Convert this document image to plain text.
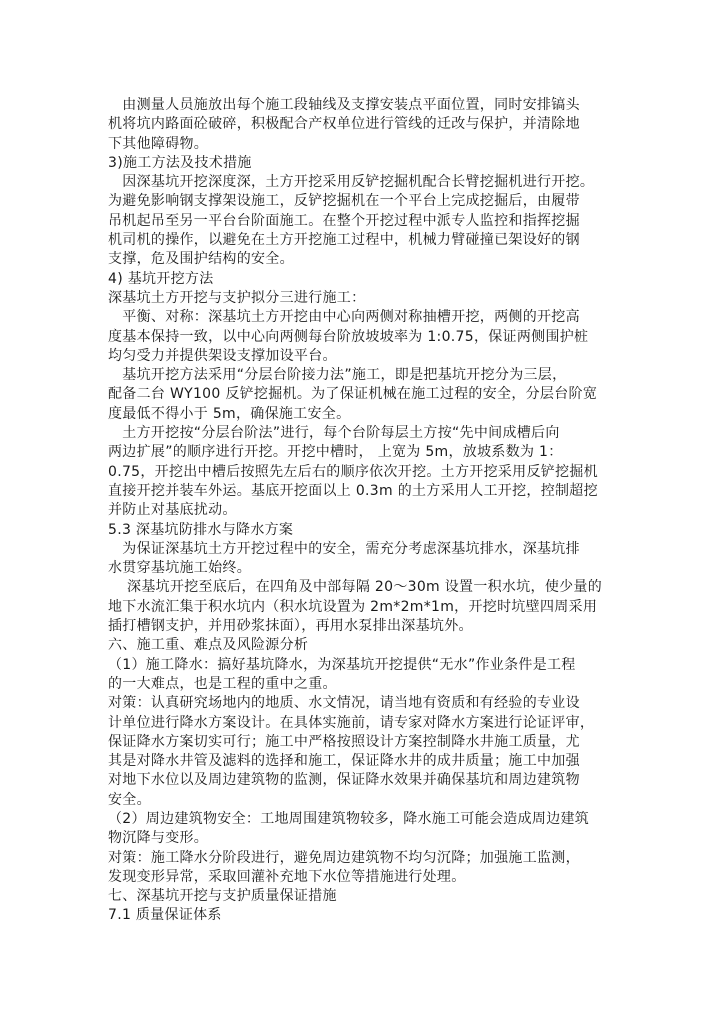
　由测量人员施放出每个施工段轴线及支撑安装点平面位置，同时安排镐头
机将坑内路面砼破碎，积极配合产权单位进行管线的迁改与保护，并清除地
下其他障碍物。
3)施工方法及技术措施
　因深基坑开挖深度深，土方开挖采用反铲挖掘机配合长臂挖掘机进行开挖。
为避免影响钢支撑架设施工，反铲挖掘机在一个平台上完成挖掘后，由履带
吊机起吊至另一平台台阶面施工。在整个开挖过程中派专人监控和指挥挖掘
机司机的操作，以避免在土方开挖施工过程中，机械力臂碰撞已架设好的钢
支撑，危及围护结构的安全。
4) 基坑开挖方法
深基坑土方开挖与支护拟分三进行施工：
　平衡、对称：深基坑土方开挖由中心向两侧对称抽槽开挖，两侧的开挖高
度基本保持一致，以中心向两侧每台阶放坡坡率为 1:0.75，保证两侧围护桩
均匀受力并提供架设支撑加设平台。
　基坑开挖方法采用“分层台阶接力法”施工，即是把基坑开挖分为三层，
配备二台 WY100 反铲挖掘机。为了保证机械在施工过程的安全，分层台阶宽
度最低不得小于 5m，确保施工安全。
　土方开挖按“分层台阶法”进行，每个台阶每层土方按“先中间成槽后向
两边扩展”的顺序进行开挖。开挖中槽时， 上宽为 5m，放坡系数为 1：
0.75，开挖出中槽后按照先左后右的顺序依次开挖。土方开挖采用反铲挖掘机
直接开挖并装车外运。基底开挖面以上 0.3m 的土方采用人工开挖，控制超挖
并防止对基底扰动。
5.3 深基坑防排水与降水方案
　为保证深基坑土方开挖过程中的安全，需充分考虑深基坑排水，深基坑排
水贯穿基坑施工始终。
　 深基坑开挖至底后，在四角及中部每隔 20～30m 设置一积水坑，使少量的
地下水流汇集于积水坑内（积水坑设置为 2m*2m*1m，开挖时坑壁四周采用
插打槽钢支护，并用砂浆抹面），再用水泵排出深基坑外。
六、施工重、难点及风险源分析
（1）施工降水：搞好基坑降水，为深基坑开挖提供“无水”作业条件是工程
的一大难点，也是工程的重中之重。
对策：认真研究场地内的地质、水文情况，请当地有资质和有经验的专业设
计单位进行降水方案设计。在具体实施前，请专家对降水方案进行论证评审，
保证降水方案切实可行；施工中严格按照设计方案控制降水井施工质量，尤
其是对降水井管及滤料的选择和施工，保证降水井的成井质量；施工中加强
对地下水位以及周边建筑物的监测，保证降水效果并确保基坑和周边建筑物
安全。
（2）周边建筑物安全：工地周围建筑物较多，降水施工可能会造成周边建筑
物沉降与变形。
对策：施工降水分阶段进行，避免周边建筑物不均匀沉降；加强施工监测，
发现变形异常，采取回灌补充地下水位等措施进行处理。
七、深基坑开挖与支护质量保证措施
7.1 质量保证体系
